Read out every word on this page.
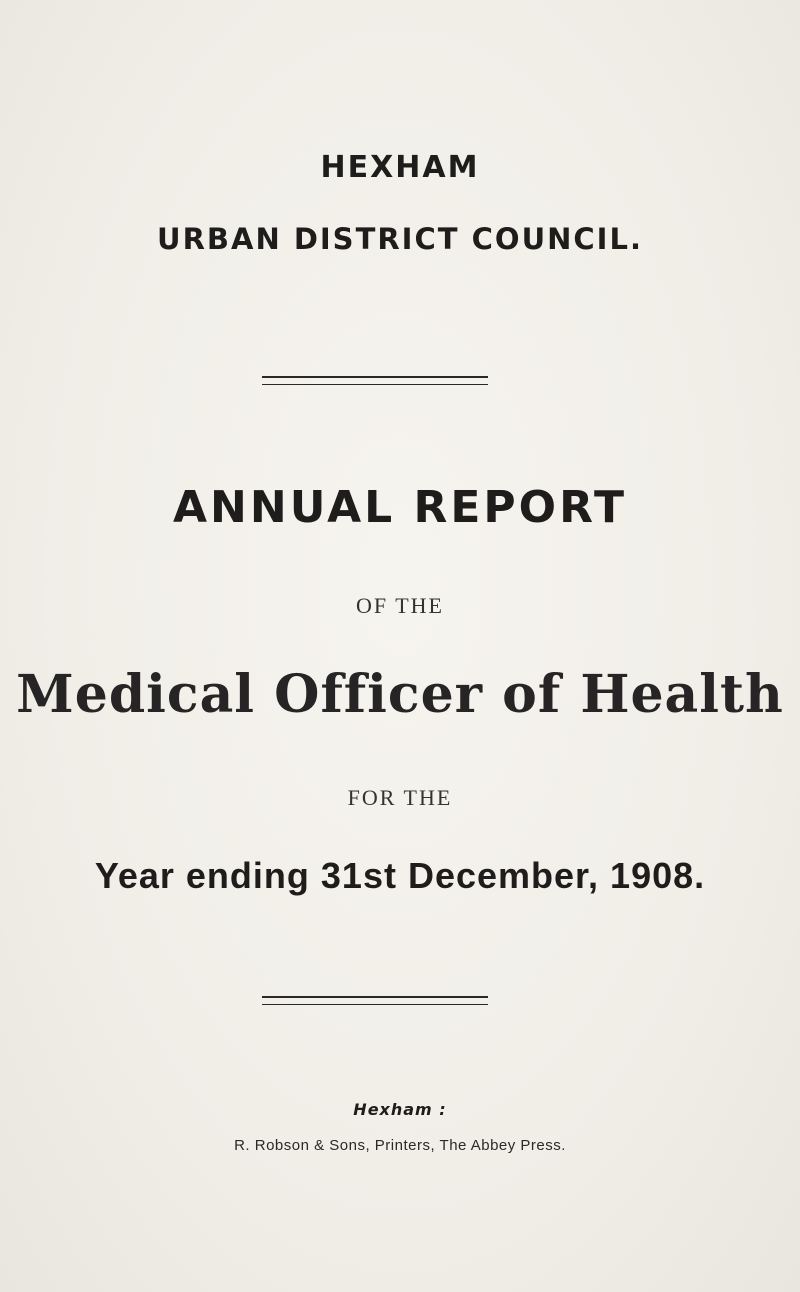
HEXHAM
URBAN DISTRICT COUNCIL.
ANNUAL REPORT
OF THE
Medical Officer of Health
FOR THE
Year ending 31st December, 1908.
Hexham :
R. Robson & Sons, Printers, The Abbey Press.
